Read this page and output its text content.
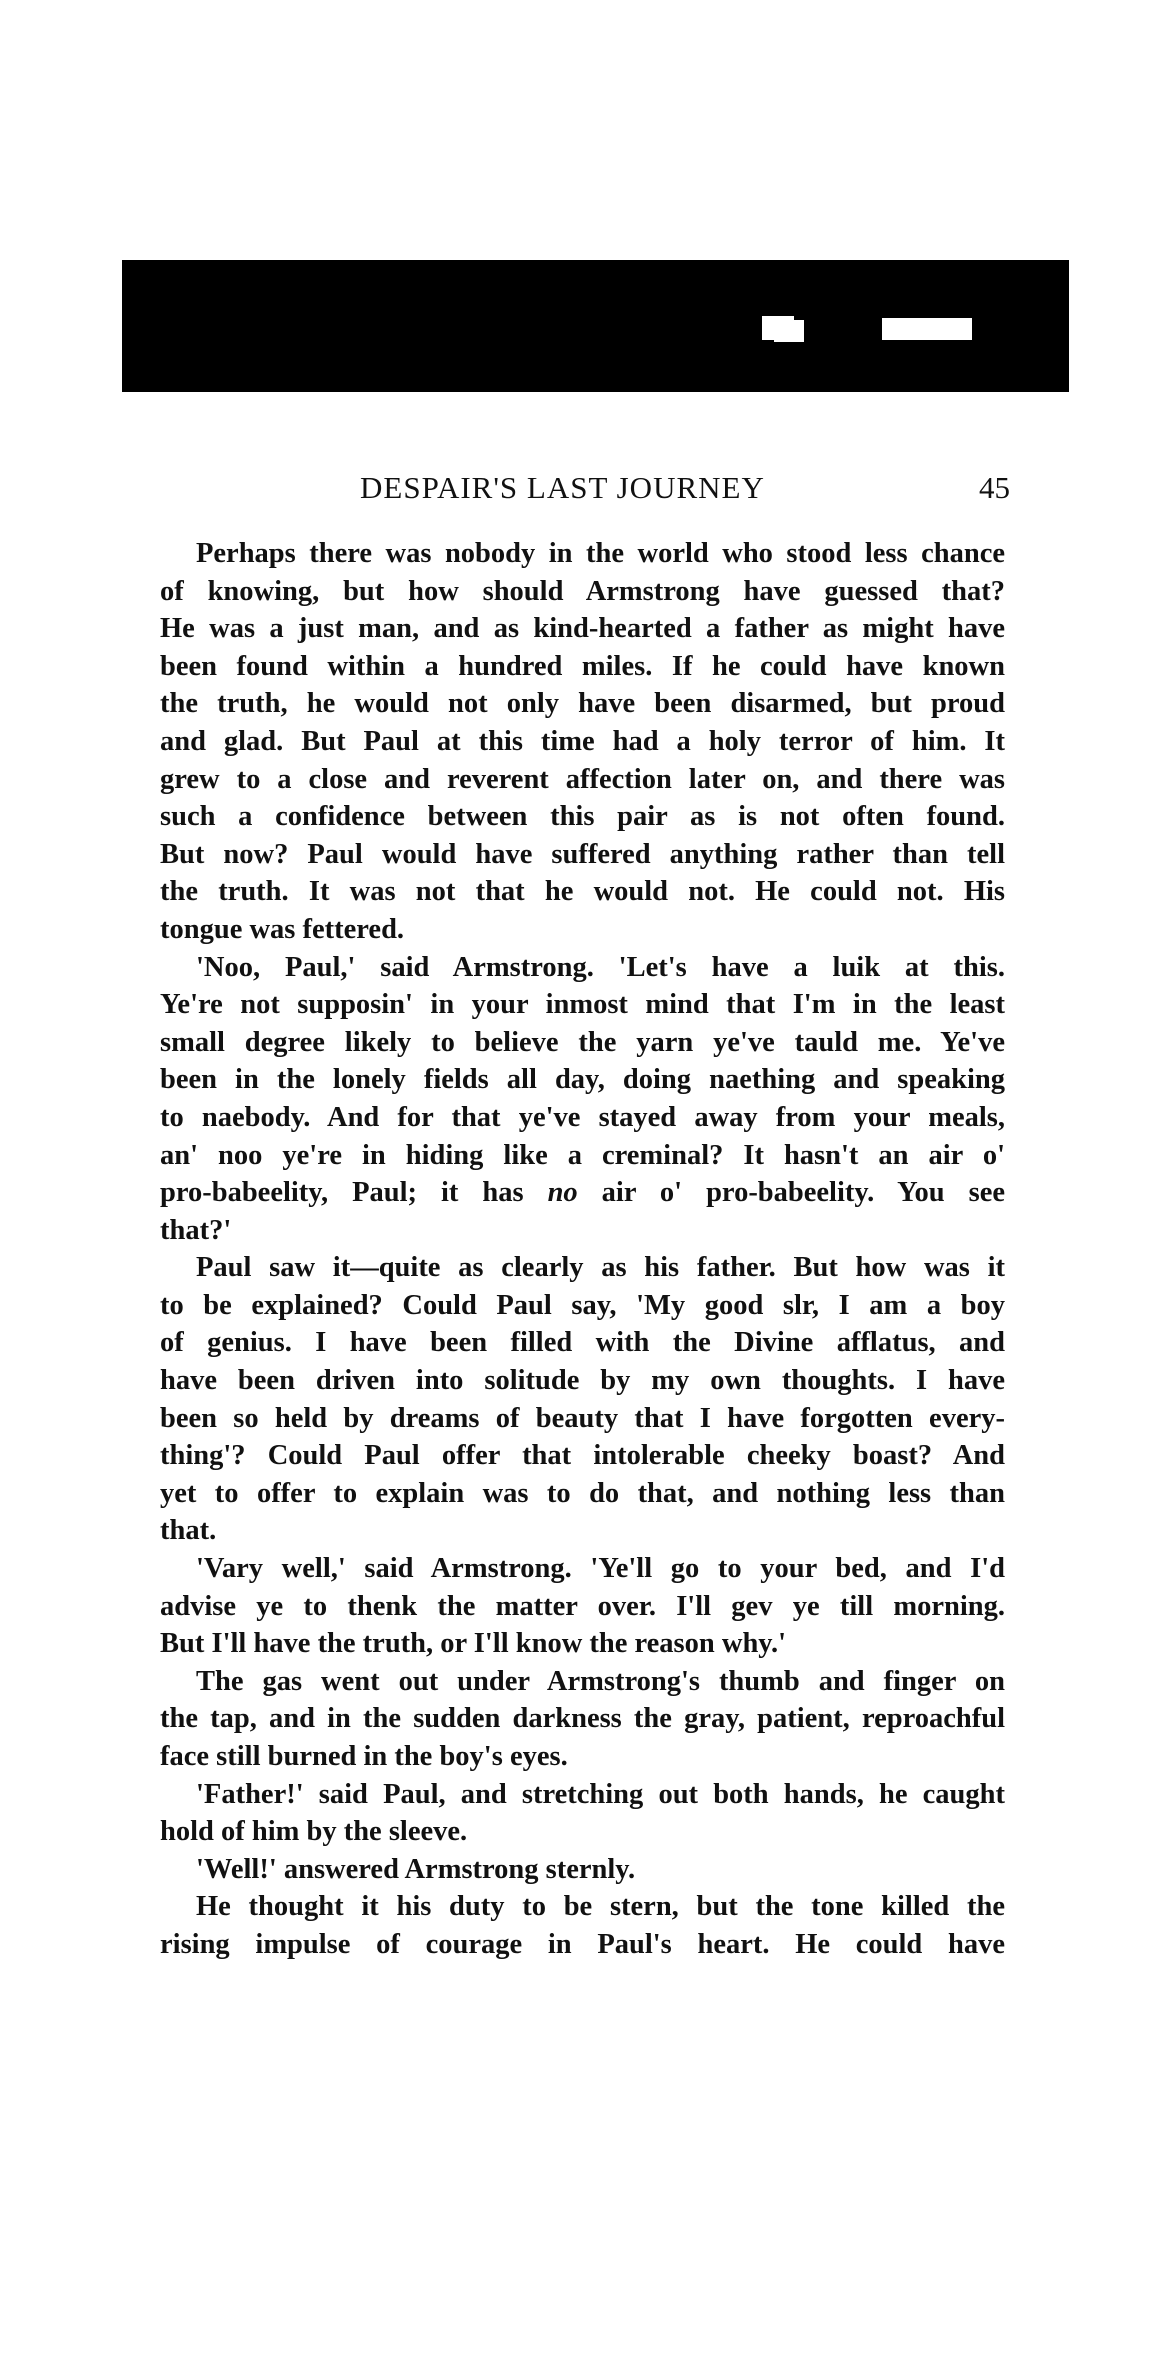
DESPAIR'S LAST JOURNEY	45
Perhaps there was nobody in the world who stood less chance
of knowing, but how should Armstrong have guessed that?
He was a just man, and as kind-hearted a father as might have
been found within a hundred miles. If he could have known
the truth, he would not only have been disarmed, but proud
and glad. But Paul at this time had a holy terror of him. It
grew to a close and reverent affection later on, and there was
such a confidence between this pair as is not often found.
But now? Paul would have suffered anything rather than tell
the truth. It was not that he would not. He could not. His
tongue was fettered.
'Noo, Paul,' said Armstrong. 'Let's have a luik at this.
Ye're not supposin' in your inmost mind that I'm in the least
small degree likely to believe the yarn ye've tauld me. Ye've
been in the lonely fields all day, doing naething and speaking
to naebody. And for that ye've stayed away from your meals,
an' noo ye're in hiding like a creminal? It hasn't an air o'
pro-babeelity, Paul; it has no air o' pro-babeelity. You see
that?'
Paul saw it—quite as clearly as his father. But how was it
to be explained? Could Paul say, 'My good slr, I am a boy
of genius. I have been filled with the Divine afflatus, and
have been driven into solitude by my own thoughts. I have
been so held by dreams of beauty that I have forgotten every-
thing'? Could Paul offer that intolerable cheeky boast? And
yet to offer to explain was to do that, and nothing less than
that.
'Vary well,' said Armstrong. 'Ye'll go to your bed, and I'd
advise ye to thenk the matter over. I'll gev ye till morning.
But I'll have the truth, or I'll know the reason why.'
The gas went out under Armstrong's thumb and finger on
the tap, and in the sudden darkness the gray, patient, reproachful
face still burned in the boy's eyes.
'Father!' said Paul, and stretching out both hands, he caught
hold of him by the sleeve.
'Well!' answered Armstrong sternly.
He thought it his duty to be stern, but the tone killed the
rising impulse of courage in Paul's heart. He could have
